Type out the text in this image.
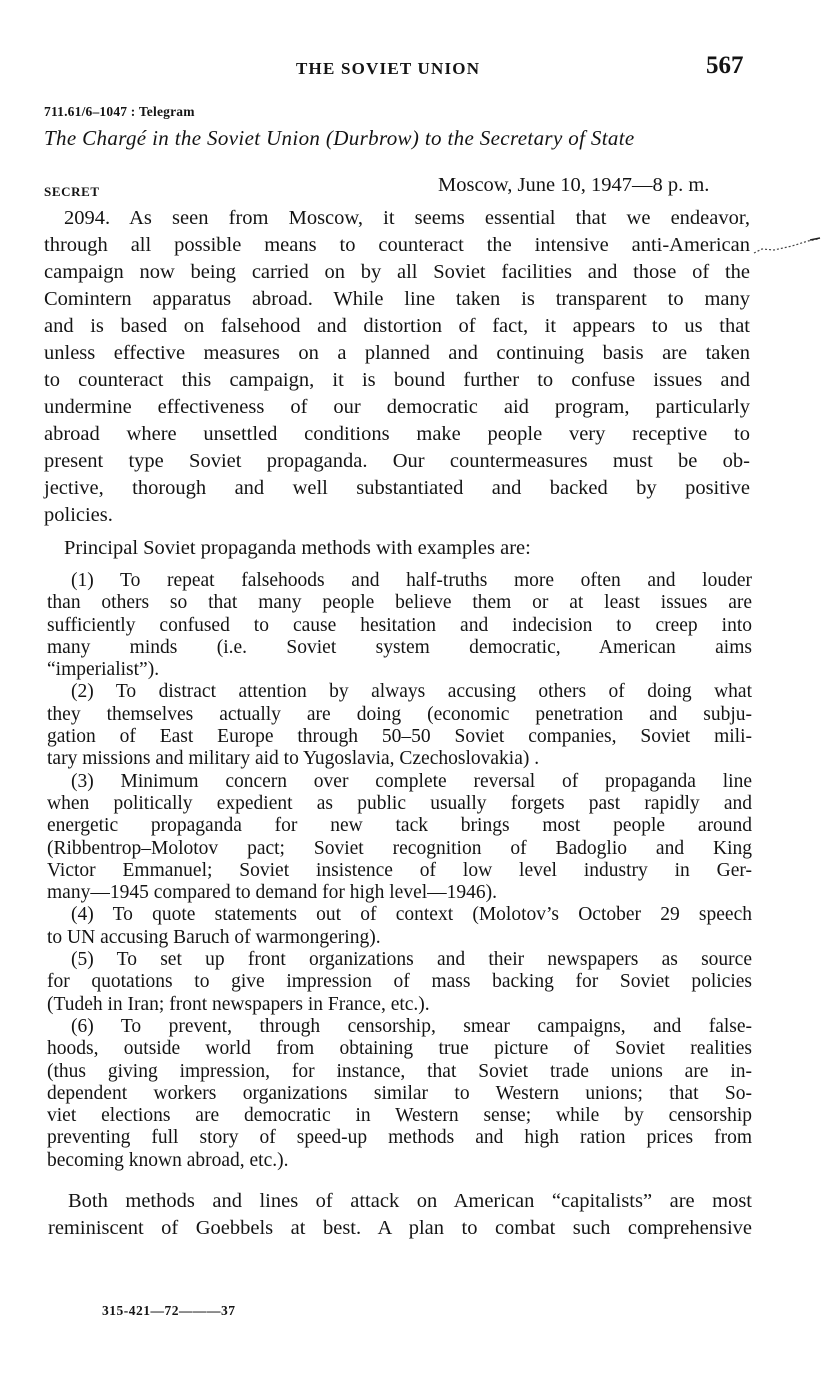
THE SOVIET UNION	567
711.61/6–1047 : Telegram
The Chargé in the Soviet Union (Durbrow) to the Secretary of State
SECRET	Moscow, June 10, 1947—8 p. m.
2094. As seen from Moscow, it seems essential that we endeavor,
through all possible means to counteract the intensive anti-American
campaign now being carried on by all Soviet facilities and those of the
Comintern apparatus abroad. While line taken is transparent to many
and is based on falsehood and distortion of fact, it appears to us that
unless effective measures on a planned and continuing basis are taken
to counteract this campaign, it is bound further to confuse issues and
undermine effectiveness of our democratic aid program, particularly
abroad where unsettled conditions make people very receptive to
present type Soviet propaganda. Our countermeasures must be ob-
jective, thorough and well substantiated and backed by positive
policies.
Principal Soviet propaganda methods with examples are:
(1) To repeat falsehoods and half-truths more often and louder
than others so that many people believe them or at least issues are
sufficiently confused to cause hesitation and indecision to creep into
many minds (i.e. Soviet system democratic, American aims
“imperialist”).
(2) To distract attention by always accusing others of doing what
they themselves actually are doing (economic penetration and subju-
gation of East Europe through 50–50 Soviet companies, Soviet mili-
tary missions and military aid to Yugoslavia, Czechoslovakia) .
(3) Minimum concern over complete reversal of propaganda line
when politically expedient as public usually forgets past rapidly and
energetic propaganda for new tack brings most people around
(Ribbentrop–Molotov pact; Soviet recognition of Badoglio and King
Victor Emmanuel; Soviet insistence of low level industry in Ger-
many—1945 compared to demand for high level—1946).
(4) To quote statements out of context (Molotov’s October 29 speech
to UN accusing Baruch of warmongering).
(5) To set up front organizations and their newspapers as source
for quotations to give impression of mass backing for Soviet policies
(Tudeh in Iran; front newspapers in France, etc.).
(6) To prevent, through censorship, smear campaigns, and false-
hoods, outside world from obtaining true picture of Soviet realities
(thus giving impression, for instance, that Soviet trade unions are in-
dependent workers organizations similar to Western unions; that So-
viet elections are democratic in Western sense; while by censorship
preventing full story of speed-up methods and high ration prices from
becoming known abroad, etc.).
Both methods and lines of attack on American “capitalists” are most
reminiscent of Goebbels at best. A plan to combat such comprehensive
315-421—72———37
